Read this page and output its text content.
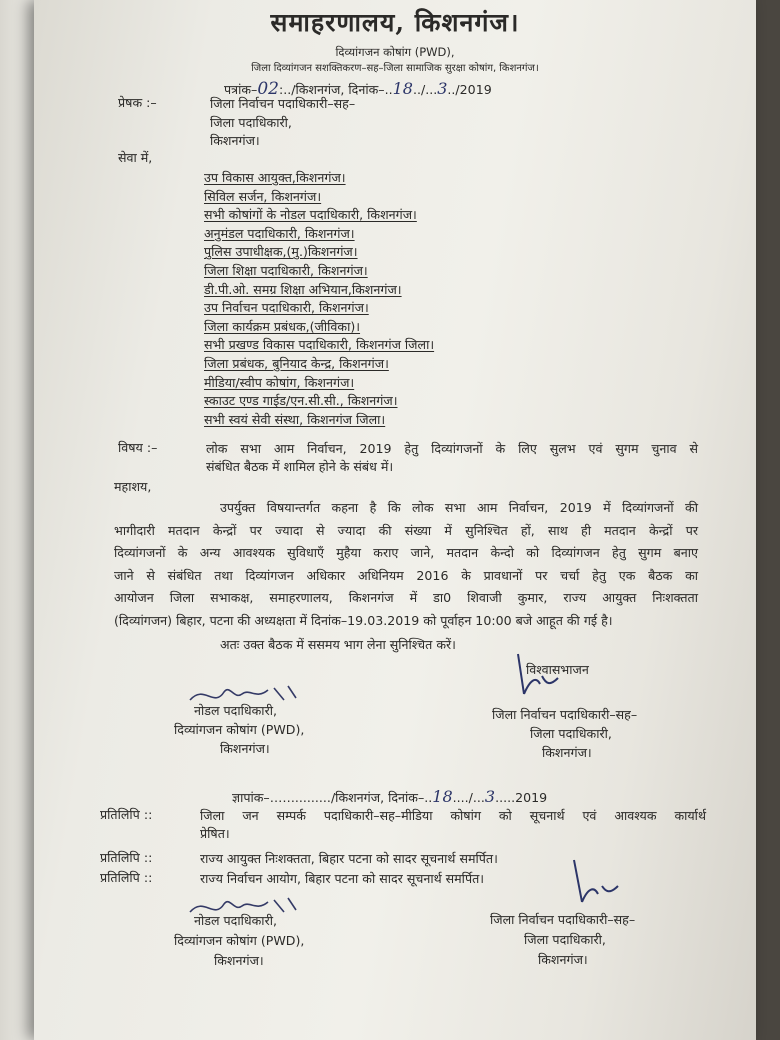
समाहरणालय, किशनगंज।
दिव्यांगजन कोषांग (PWD),
जिला दिव्यांगजन सशक्तिकरण–सह–जिला सामाजिक सुरक्षा कोषांग, किशनगंज।
पत्रांक–02:../किशनगंज, दिनांक–..18../...3../2019
प्रेषक :–	जिला निर्वाचन पदाधिकारी–सह–
जिला पदाधिकारी,
किशनगंज।
सेवा में,
उप विकास आयुक्त,किशनगंज।
सिविल सर्जन, किशनगंज।
सभी कोषांगों के नोडल पदाधिकारी, किशनगंज।
अनुमंडल पदाधिकारी, किशनगंज।
पुलिस उपाधीक्षक,(मु.)किशनगंज।
जिला शिक्षा पदाधिकारी, किशनगंज।
डी.पी.ओ. समग्र शिक्षा अभियान,किशनगंज।
उप निर्वाचन पदाधिकारी, किशनगंज।
जिला कार्यक्रम प्रबंधक,(जीविका)।
सभी प्रखण्ड विकास पदाधिकारी, किशनगंज जिला।
जिला प्रबंधक, बुनियाद केन्द्र, किशनगंज।
मीडिया/स्वीप कोषांग, किशनगंज।
स्काउट एण्ड गाईड/एन.सी.सी., किशनगंज।
सभी स्वयं सेवी संस्था, किशनगंज जिला।
विषय :–	लोक सभा आम निर्वाचन, 2019 हेतु दिव्यांगजनों के लिए सुलभ एवं सुगम चुनाव से
संबंधित बैठक में शामिल होने के संबंध में।
महाशय,
उपर्युक्त विषयान्तर्गत कहना है कि लोक सभा आम निर्वाचन, 2019 में दिव्यांगजनों की
भागीदारी मतदान केन्द्रों पर ज्यादा से ज्यादा की संख्या में सुनिश्चित हों, साथ ही मतदान केन्द्रों पर
दिव्यांगजनों के अन्य आवश्यक सुविधाएँ मुहैया कराए जाने, मतदान केन्दो को दिव्यांगजन हेतु सुगम बनाए
जाने से संबंधित तथा दिव्यांगजन अधिकार अधिनियम 2016 के प्रावधानों पर चर्चा हेतु एक बैठक का
आयोजन जिला सभाकक्ष, समाहरणालय, किशनगंज में डा0 शिवाजी कुमार, राज्य आयुक्त निःशक्तता
(दिव्यांगजन) बिहार, पटना की अध्यक्षता में दिनांक–19.03.2019 को पूर्वाहन 10:00 बजे आहूत की गई है।
अतः उक्त बैठक में ससमय भाग लेना सुनिश्चित करें।
विश्वासभाजन
जिला निर्वाचन पदाधिकारी–सह–
जिला पदाधिकारी,
किशनगंज।
नोडल पदाधिकारी,
दिव्यांगजन कोषांग (PWD),
किशनगंज।
ज्ञापांक–……........./किशनगंज, दिनांक–..18..../...3.....2019
प्रतिलिपि ::	जिला जन सम्पर्क पदाधिकारी–सह–मीडिया कोषांग को सूचनार्थ एवं आवश्यक कार्यार्थ
प्रेषित।
प्रतिलिपि ::	राज्य आयुक्त निःशक्तता, बिहार पटना को सादर सूचनार्थ समर्पित।
प्रतिलिपि ::	राज्य निर्वाचन आयोग, बिहार पटना को सादर सूचनार्थ समर्पित।
नोडल पदाधिकारी,
दिव्यांगजन कोषांग (PWD),
किशनगंज।
जिला निर्वाचन पदाधिकारी–सह–
जिला पदाधिकारी,
किशनगंज।
